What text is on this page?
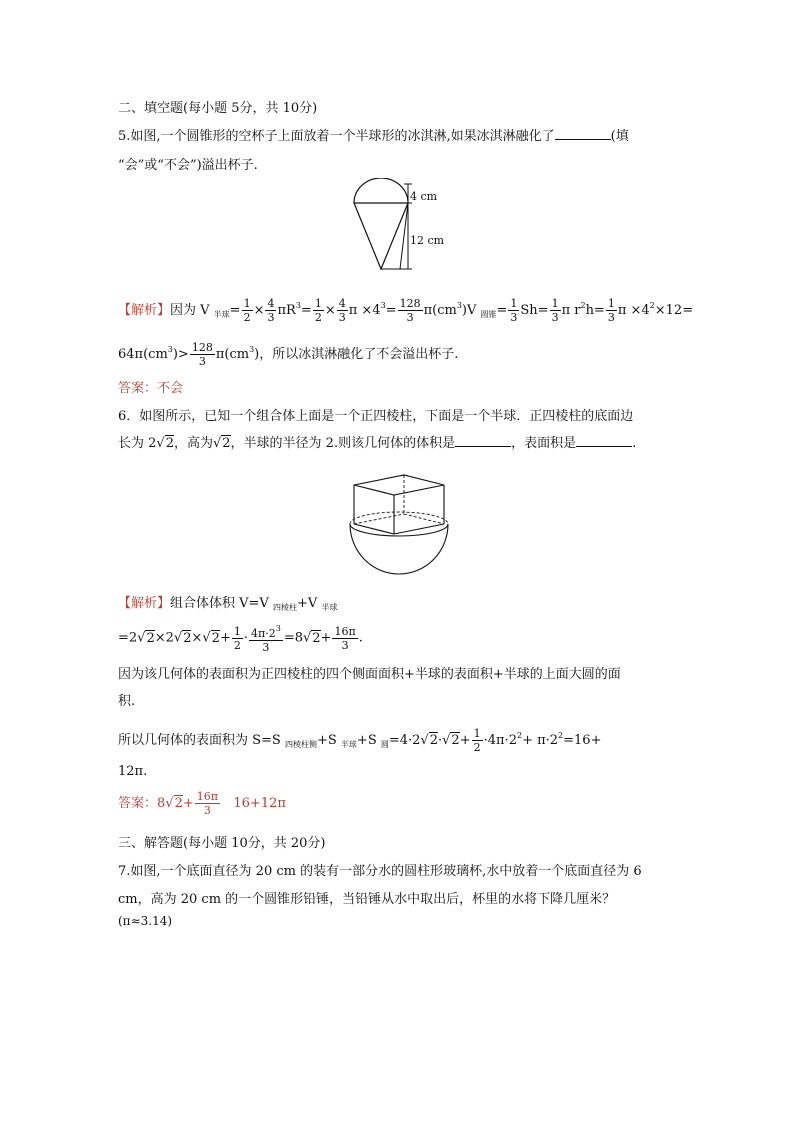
二、填空题(每小题 5分，共 10分)
5.如图,一个圆锥形的空杯子上面放着一个半球形的冰淇淋,如果冰淇淋融化了	(填
“会”或“不会”)溢出杯子.
4 cm
12 cm
【解析】因为 V $_{半球}= \frac{1}{2} \times \frac{4}{3} \pi R^3= \frac{1}{2} \times \frac{4}{3}$ $\pi \times 4^3= \frac{128}{3} \pi(cm^3)V$ $_{圆锥}= \frac{1}{3} Sh= \frac{1}{3}$ π $r^2h= \frac{1}{3}$ $\pi \times 4^2\times 12=$
$64\pi(cm^3)> \frac{128}{3} \pi(cm^3)$，所以冰淇淋融化了不会溢出杯子.
答案：不会
6．如图所示，已知一个组合体上面是一个正四棱柱，下面是一个半球．正四棱柱的底面边
长为 2√2，高为√2，半球的半径为 2.则该几何体的体积是	，表面积是	.
【解析】组合体体积 V=V $_{四棱柱}$+V $_{半球}$
$=2√2\times 2√2\times√2+ \frac{1}{2} \cdot \frac{4\pi\cdot 2^3}{3} =8√2+ \frac{16\pi}{3}$ .
因为该几何体的表面积为正四棱柱的四个侧面面积+半球的表面积+半球的上面大圆的面
积.
所以几何体的表面积为 S=S $_{四棱柱侧}$+S $_{半球}$+S $_圆=4\cdot 2√2\cdot√2+ \frac{1}{2} \cdot 4\pi\cdot 2^2+ \pi\cdot 2^2=16+$
12π.
答案：$8√2+ \frac{16\pi}{3} 16+12\pi$
三、解答题(每小题 10分，共 20分)
7.如图,一个底面直径为 20 cm 的装有一部分水的圆柱形玻璃杯,水中放着一个底面直径为 6
cm，高为 20 cm 的一个圆锥形铅锤，当铅锤从水中取出后，杯里的水将下降几厘米？
(π≈3.14)
